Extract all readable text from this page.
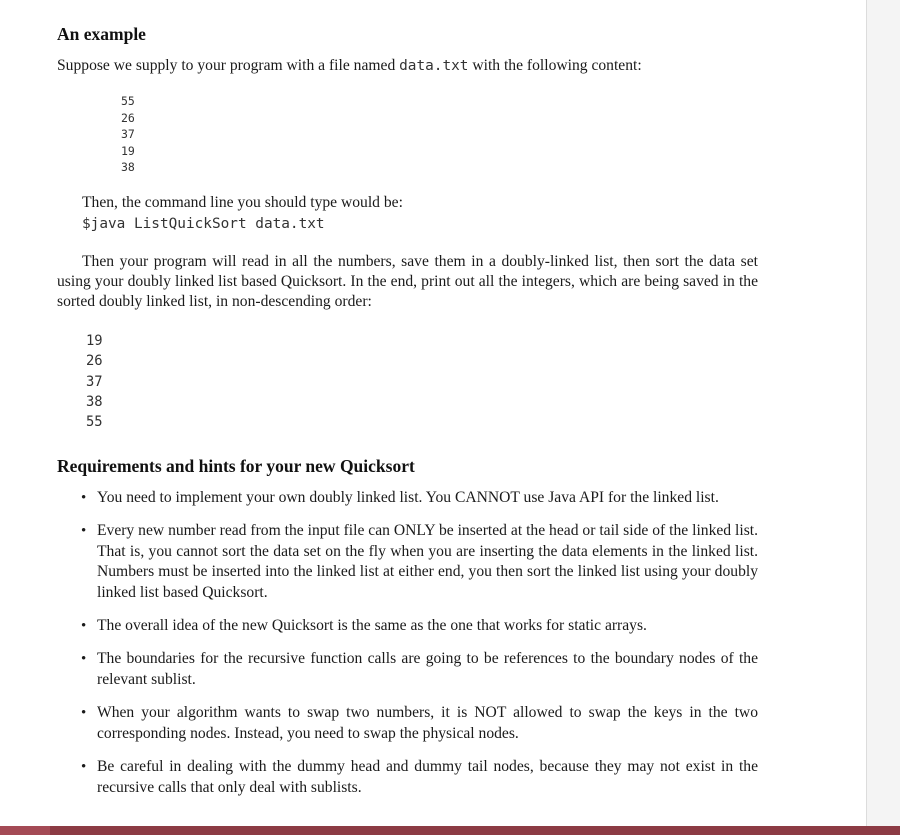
An example

Suppose we supply to your program with a file named data.txt with the following content:

55
26
37
19
38

Then, the command line you should type would be:

$java ListQuickSort data.txt

Then your program will read in all the numbers, save them in a doubly-linked list, then sort the data set using your doubly linked list based Quicksort. In the end, print out all the integers, which are being saved in the sorted doubly linked list, in non-descending order:

19
26
37
38
55
Requirements and hints for your new Quicksort
• You need to implement your own doubly linked list. You CANNOT use Java API for the linked list.
• Every new number read from the input file can ONLY be inserted at the head or tail side of the linked list. That is, you cannot sort the data set on the fly when you are inserting the data elements in the linked list. Numbers must be inserted into the linked list at either end, you then sort the linked list using your doubly linked list based Quicksort.
• The overall idea of the new Quicksort is the same as the one that works for static arrays.
• The boundaries for the recursive function calls are going to be references to the boundary nodes of the relevant sublist.
• When your algorithm wants to swap two numbers, it is NOT allowed to swap the keys in the two corresponding nodes. Instead, you need to swap the physical nodes.
• Be careful in dealing with the dummy head and dummy tail nodes, because they may not exist in the recursive calls that only deal with sublists.
